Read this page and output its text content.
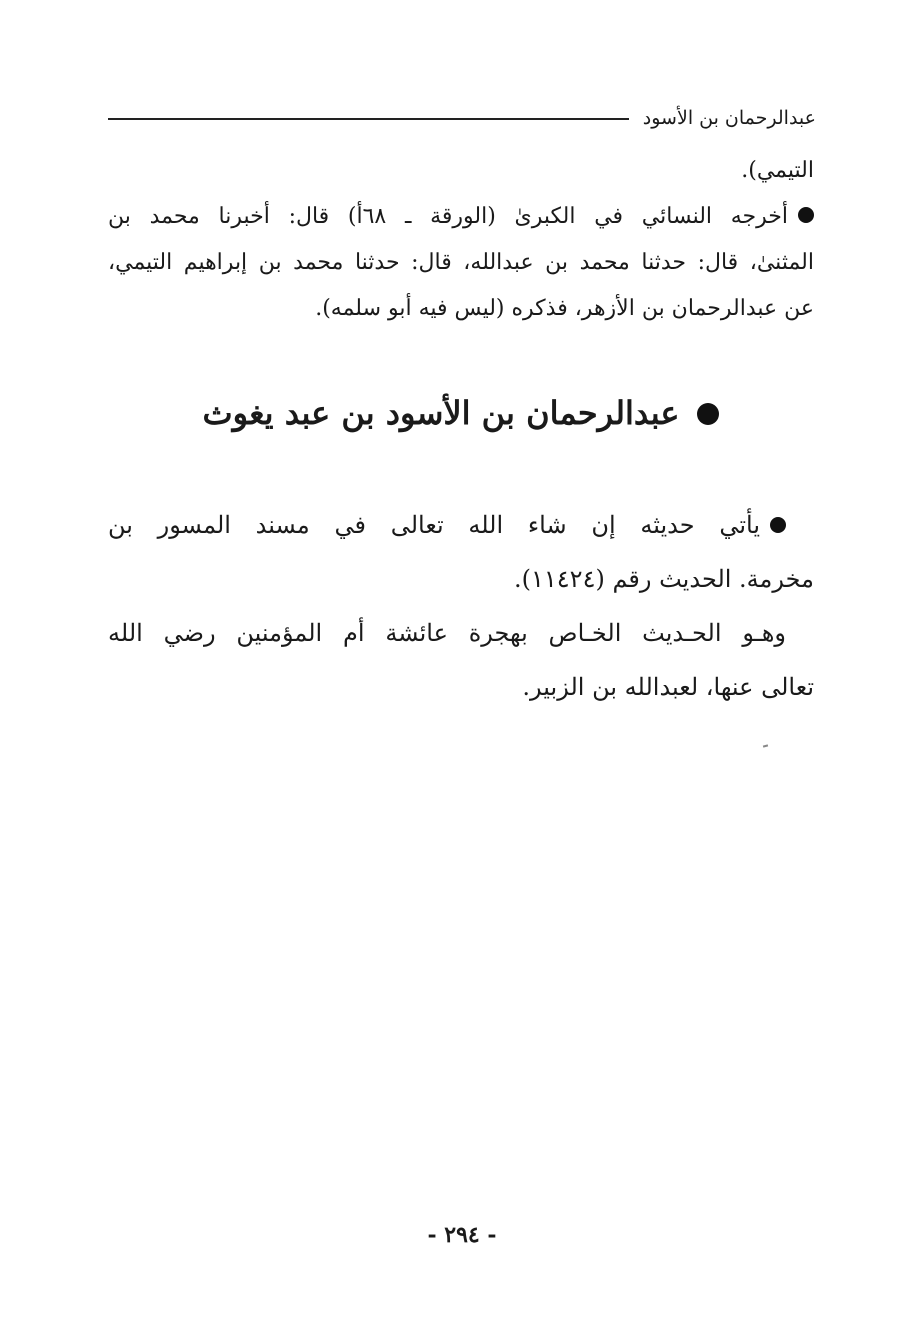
عبدالرحمان بن الأسود
التيمي).
أخرجه النسائي في الكبرىٰ (الورقة ـ ٦٨أ) قال: أخبرنا محمد بن
المثنىٰ، قال: حدثنا محمد بن عبدالله، قال: حدثنا محمد بن إبراهيم التيمي،
عن عبدالرحمان بن الأزهر، فذكره (ليس فيه أبو سلمه).
عبدالرحمان بن الأسود بن عبد يغوث
يأتي حديثه إن شاء الله تعالى في مسند المسور بن
مخرمة. الحديث رقم (١١٤٢٤).
وهـو الحـديث الخـاص بهجرة عائشة أم المؤمنين رضي الله
تعالى عنها، لعبدالله بن الزبير.
- ٢٩٤ -
